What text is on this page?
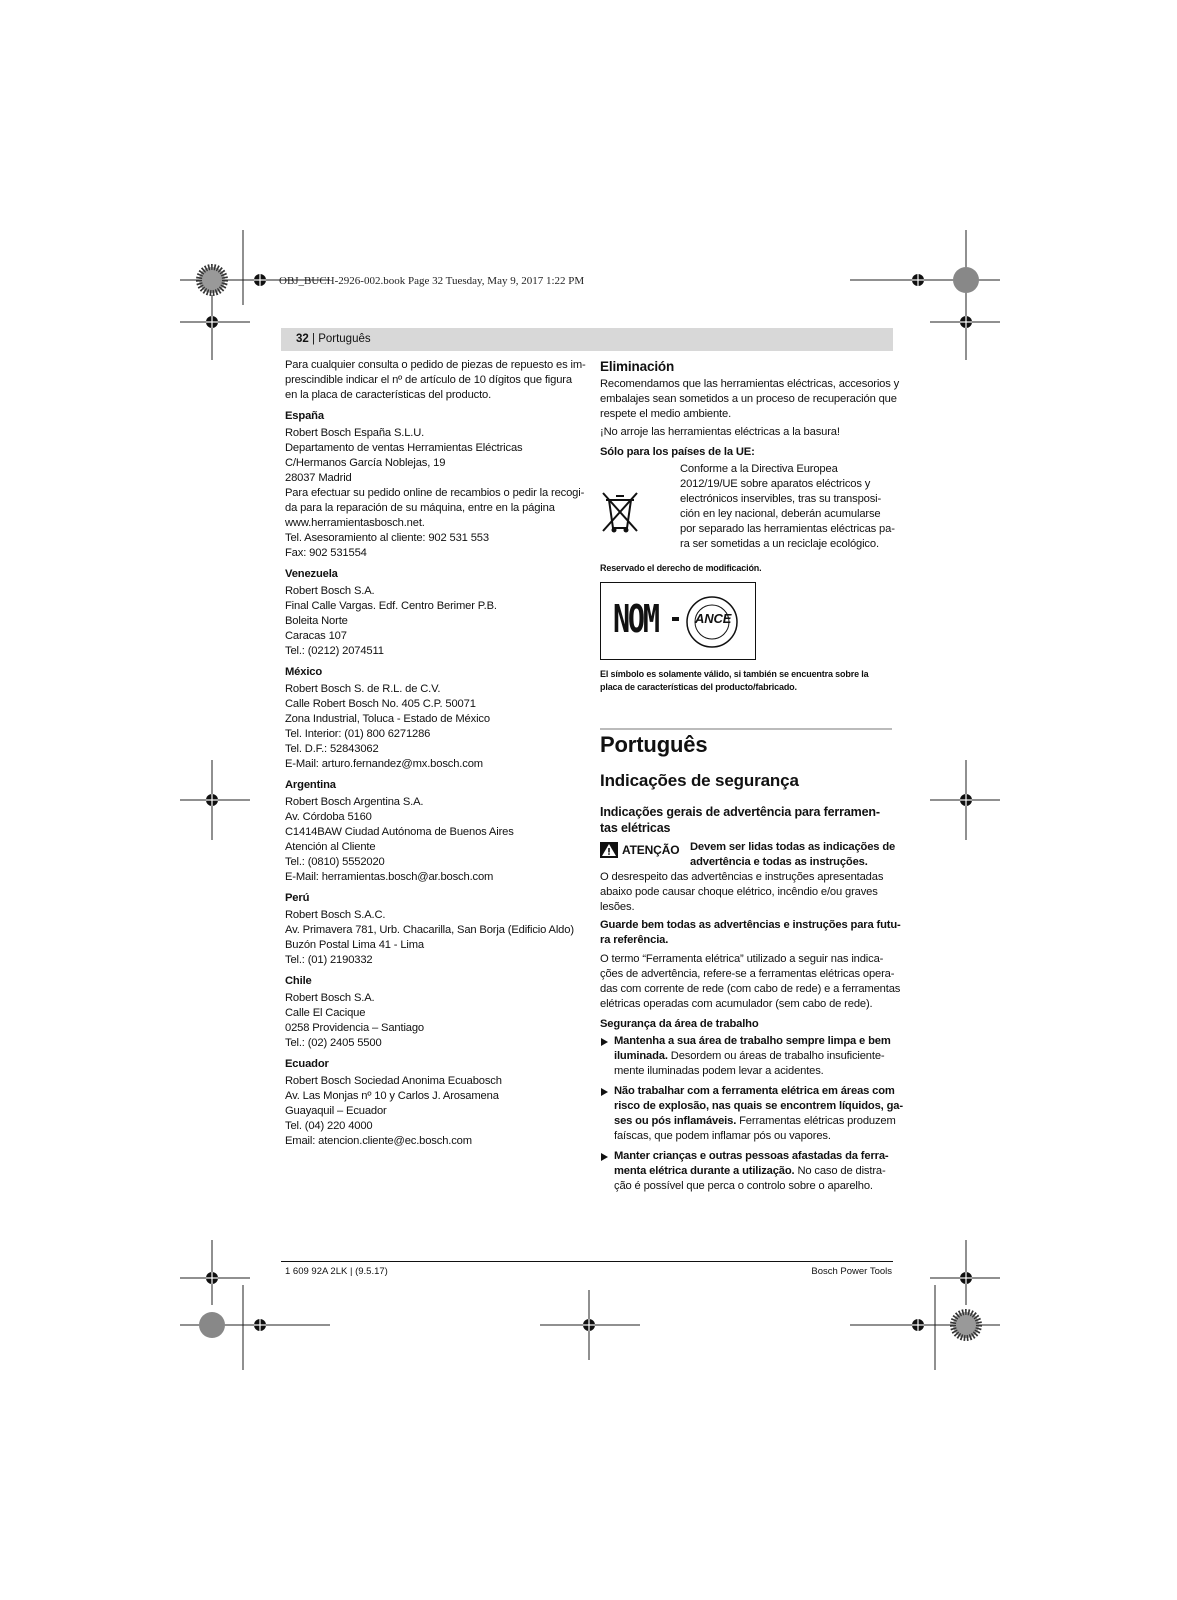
OBJ_BUCH-2926-002.book Page 32 Tuesday, May 9, 2017 1:22 PM
32 | Português

Para cualquier consulta o pedido de piezas de repuesto es im-
prescindible indicar el nº de artículo de 10 dígitos que figura
en la placa de características del producto.

España

Robert Bosch España S.L.U.
Departamento de ventas Herramientas Eléctricas
C/Hermanos García Noblejas, 19
28037 Madrid
Para efectuar su pedido online de recambios o pedir la recogi-
da para la reparación de su máquina, entre en la página
www.herramientasbosch.net.
Tel. Asesoramiento al cliente: 902 531 553
Fax: 902 531554

Venezuela

Robert Bosch S.A.
Final Calle Vargas. Edf. Centro Berimer P.B.
Boleita Norte
Caracas 107
Tel.: (0212) 2074511

México

Robert Bosch S. de R.L. de C.V.
Calle Robert Bosch No. 405 C.P. 50071
Zona Industrial, Toluca - Estado de México
Tel. Interior: (01) 800 6271286
Tel. D.F.: 52843062
E-Mail: arturo.fernandez@mx.bosch.com

Argentina

Robert Bosch Argentina S.A.
Av. Córdoba 5160
C1414BAW Ciudad Autónoma de Buenos Aires
Atención al Cliente
Tel.: (0810) 5552020
E-Mail: herramientas.bosch@ar.bosch.com

Perú

Robert Bosch S.A.C.
Av. Primavera 781, Urb. Chacarilla, San Borja (Edificio Aldo)
Buzón Postal Lima 41 - Lima
Tel.: (01) 2190332

Chile

Robert Bosch S.A.
Calle El Cacique
0258 Providencia – Santiago
Tel.: (02) 2405 5500

Ecuador

Robert Bosch Sociedad Anonima Ecuabosch
Av. Las Monjas nº 10 y Carlos J. Arosamena
Guayaquil – Ecuador
Tel. (04) 220 4000
Email: atencion.cliente@ec.bosch.com

Eliminación

Recomendamos que las herramientas eléctricas, accesorios y
embalajes sean sometidos a un proceso de recuperación que
respete el medio ambiente.

¡No arroje las herramientas eléctricas a la basura!

Sólo para los países de la UE:

Conforme a la Directiva Europea
2012/19/UE sobre aparatos eléctricos y
electrónicos inservibles, tras su transposi-
ción en ley nacional, deberán acumularse
por separado las herramientas eléctricas pa-
ra ser sometidas a un reciclaje ecológico.

Reservado el derecho de modificación.

NOM	ANCE

El símbolo es solamente válido, si también se encuentra sobre la
placa de características del producto/fabricado.

Português
Indicações de segurança
Indicações gerais de advertência para ferramen-
tas elétricas
ATENÇÃO Devem ser lidas todas as indicações de
advertência e todas as instruções.

O desrespeito das advertências e instruções apresentadas
abaixo pode causar choque elétrico, incêndio e/ou graves
lesões.

Guarde bem todas as advertências e instruções para futu-
ra referência.

O termo “Ferramenta elétrica” utilizado a seguir nas indica-
ções de advertência, refere-se a ferramentas elétricas opera-
das com corrente de rede (com cabo de rede) e a ferramentas
elétricas operadas com acumulador (sem cabo de rede).

Segurança da área de trabalho

Mantenha a sua área de trabalho sempre limpa e bem
iluminada. Desordem ou áreas de trabalho insuficiente-
mente iluminadas podem levar a acidentes.
Não trabalhar com a ferramenta elétrica em áreas com
risco de explosão, nas quais se encontrem líquidos, ga-
ses ou pós inflamáveis. Ferramentas elétricas produzem
faíscas, que podem inflamar pós ou vapores.
Manter crianças e outras pessoas afastadas da ferra-
menta elétrica durante a utilização. No caso de distra-
ção é possível que perca o controlo sobre o aparelho.
1 609 92A 2LK | (9.5.17)	Bosch Power Tools
